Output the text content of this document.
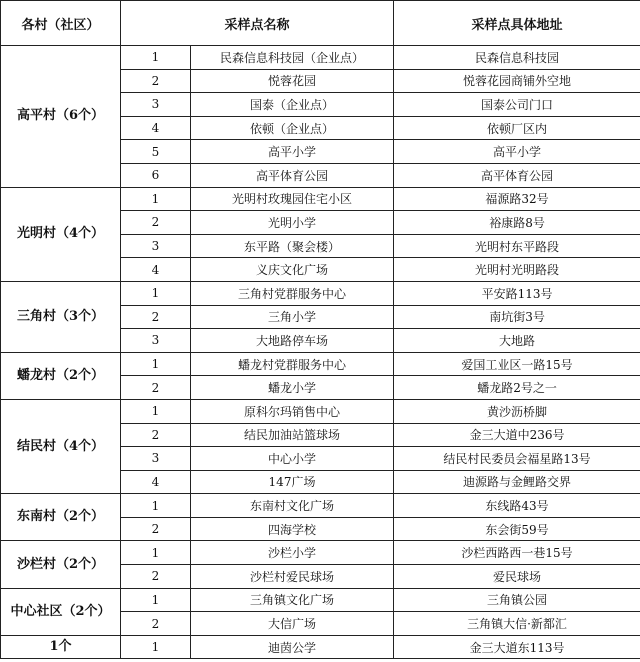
各村（社区）	采样点名称		采样点具体地址
高平村（6个）	1	民森信息科技园（企业点）	民森信息科技园
	2	悦蓉花园	悦蓉花园商铺外空地
	3	国泰（企业点）	国泰公司门口
	4	依顿（企业点）	依顿厂区内
	5	高平小学	高平小学
	6	高平体育公园	高平体育公园
光明村（4个）	1	光明村玫瑰园住宅小区	福源路32号
	2	光明小学	裕康路8号
	3	东平路（聚会楼）	光明村东平路段
	4	义庆文化广场	光明村光明路段
三角村（3个）	1	三角村党群服务中心	平安路113号
	2	三角小学	南坑街3号
	3	大地路停车场	大地路
蟠龙村（2个）	1	蟠龙村党群服务中心	爱国工业区一路15号
	2	蟠龙小学	蟠龙路2号之一
结民村（4个）	1	原科尔玛销售中心	黄沙沥桥脚
	2	结民加油站篮球场	金三大道中236号
	3	中心小学	结民村民委员会福星路13号
	4	147广场	迪源路与金鲤路交界
东南村（2个）	1	东南村文化广场	东线路43号
	2	四海学校	东会街59号
沙栏村（2个）	1	沙栏小学	沙栏西路西一巷15号
	2	沙栏村爱民球场	爱民球场
中心社区（2个）	1	三角镇文化广场	三角镇公园
	2	大信广场	三角镇大信·新都汇
1个	1	迪茵公学	金三大道东113号
